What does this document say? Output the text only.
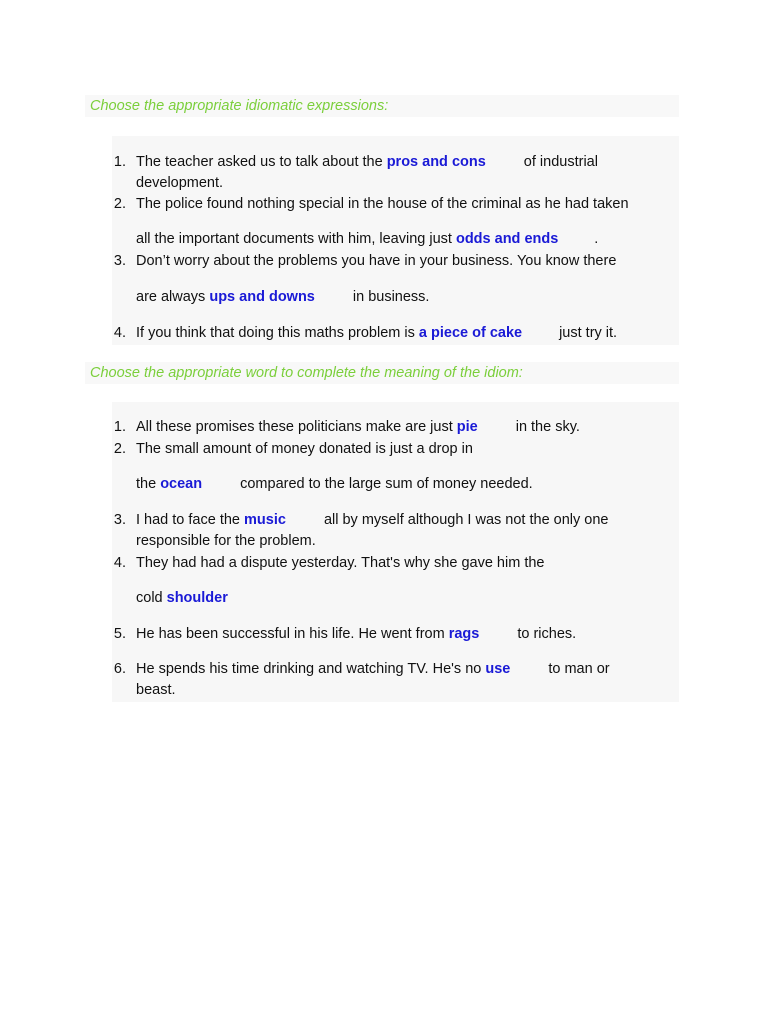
Choose the appropriate idiomatic expressions:
1. The teacher asked us to talk about the pros and cons	of industrial
development.
2. The police found nothing special in the house of the criminal as he had taken
all the important documents with him, leaving just odds and ends .
3. Don’t worry about the problems you have in your business. You know there
are always ups and downs	in business.
4. If you think that doing this maths problem is a piece of cake	just try it.
Choose the appropriate word to complete the meaning of the idiom:
1. All these promises these politicians make are just pie	in the sky.
2. The small amount of money donated is just a drop in
the ocean	compared to the large sum of money needed.
3. I had to face the music	all by myself although I was not the only one
responsible for the problem.
4. They had had a dispute yesterday. That's why she gave him the
cold shoulder
5. He has been successful in his life. He went from rags	to riches.
6. He spends his time drinking and watching TV. He's no use	to man or
beast.
